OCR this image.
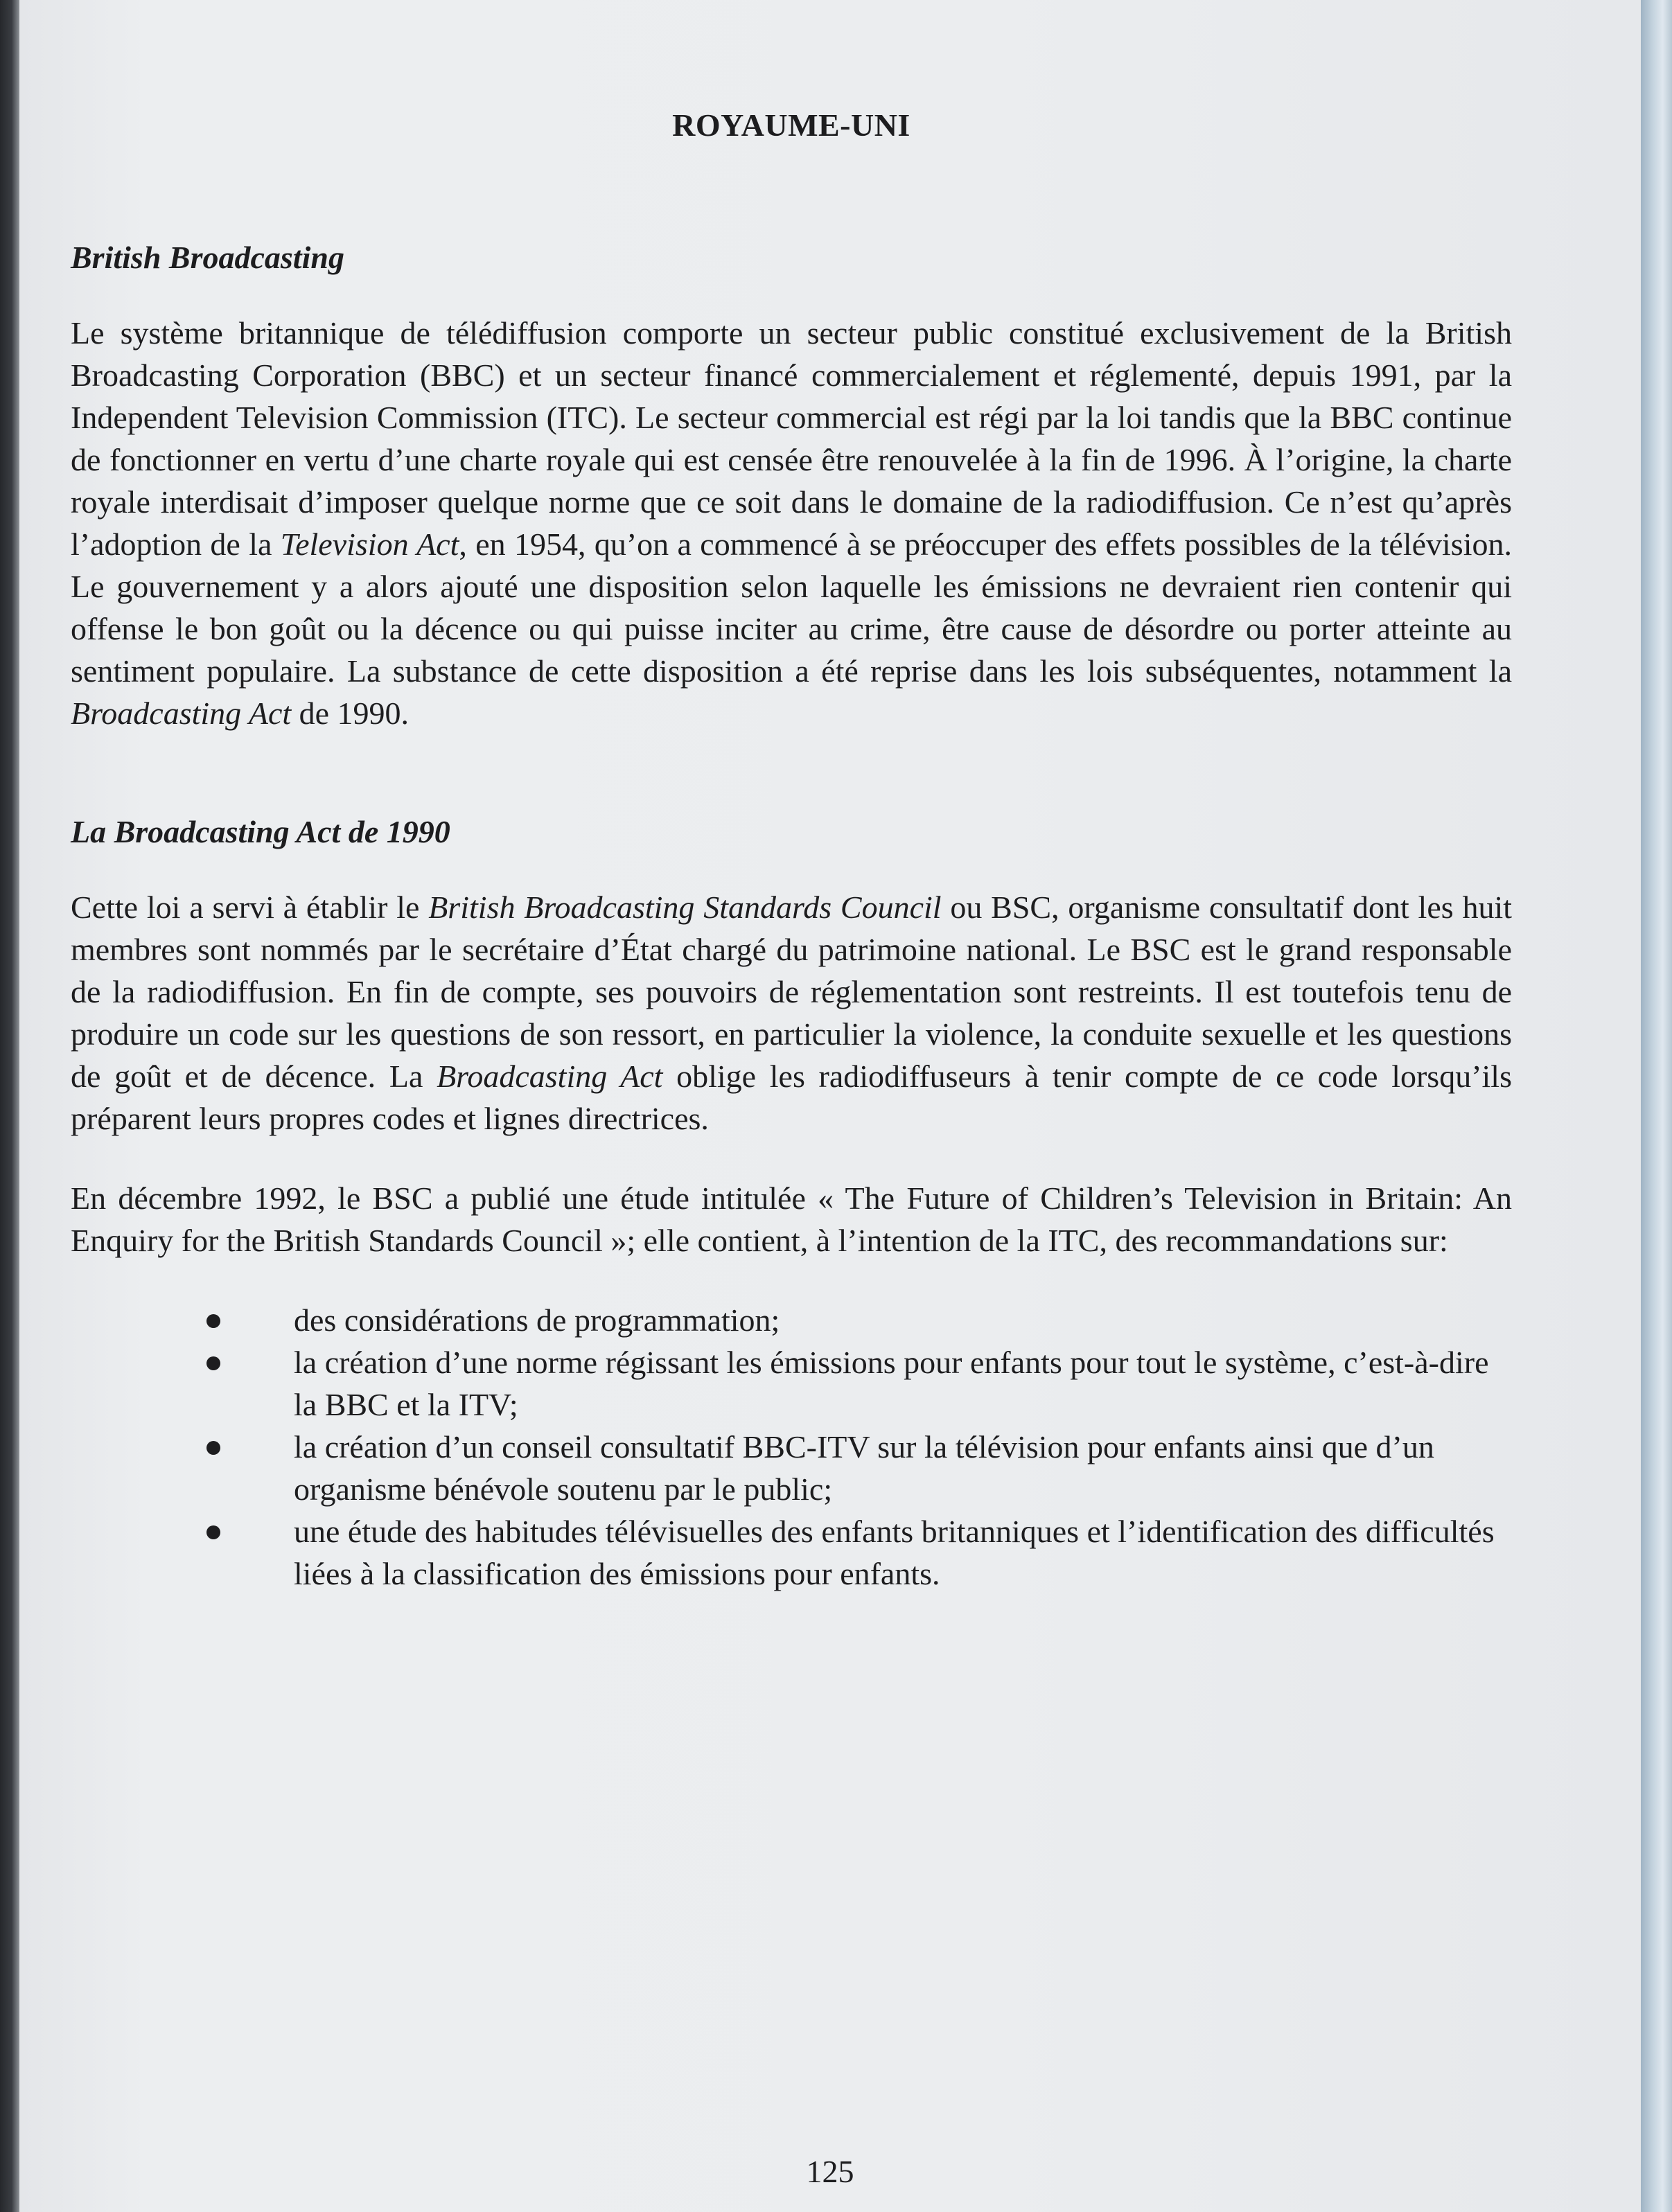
ROYAUME-UNI
British Broadcasting

Le système britannique de télédiffusion comporte un secteur public constitué exclusivement de la British Broadcasting Corporation (BBC) et un secteur financé commercialement et réglementé, depuis 1991, par la Independent Television Commission (ITC). Le secteur commercial est régi par la loi tandis que la BBC continue de fonctionner en vertu d’une charte royale qui est censée être renouvelée à la fin de 1996. À l’origine, la charte royale interdisait d’imposer quelque norme que ce soit dans le domaine de la radiodiffusion. Ce n’est qu’après l’adoption de la Television Act, en 1954, qu’on a commencé à se préoccuper des effets possibles de la télévision. Le gouvernement y a alors ajouté une disposition selon laquelle les émissions ne devraient rien contenir qui offense le bon goût ou la décence ou qui puisse inciter au crime, être cause de désordre ou porter atteinte au sentiment populaire. La substance de cette disposition a été reprise dans les lois subséquentes, notamment la Broadcasting Act de 1990.

La Broadcasting Act de 1990

Cette loi a servi à établir le British Broadcasting Standards Council ou BSC, organisme consultatif dont les huit membres sont nommés par le secrétaire d’État chargé du patrimoine national. Le BSC est le grand responsable de la radiodiffusion. En fin de compte, ses pouvoirs de réglementation sont restreints. Il est toutefois tenu de produire un code sur les questions de son ressort, en particulier la violence, la conduite sexuelle et les questions de goût et de décence. La Broadcasting Act oblige les radiodiffuseurs à tenir compte de ce code lorsqu’ils préparent leurs propres codes et lignes directrices.

En décembre 1992, le BSC a publié une étude intitulée « The Future of Children’s Television in Britain: An Enquiry for the British Standards Council »; elle contient, à l’intention de la ITC, des recommandations sur:

des considérations de programmation;
la création d’une norme régissant les émissions pour enfants pour tout le système, c’est-à-dire la BBC et la ITV;
la création d’un conseil consultatif BBC-ITV sur la télévision pour enfants ainsi que d’un organisme bénévole soutenu par le public;
une étude des habitudes télévisuelles des enfants britanniques et l’identification des difficultés liées à la classification des émissions pour enfants.
125
